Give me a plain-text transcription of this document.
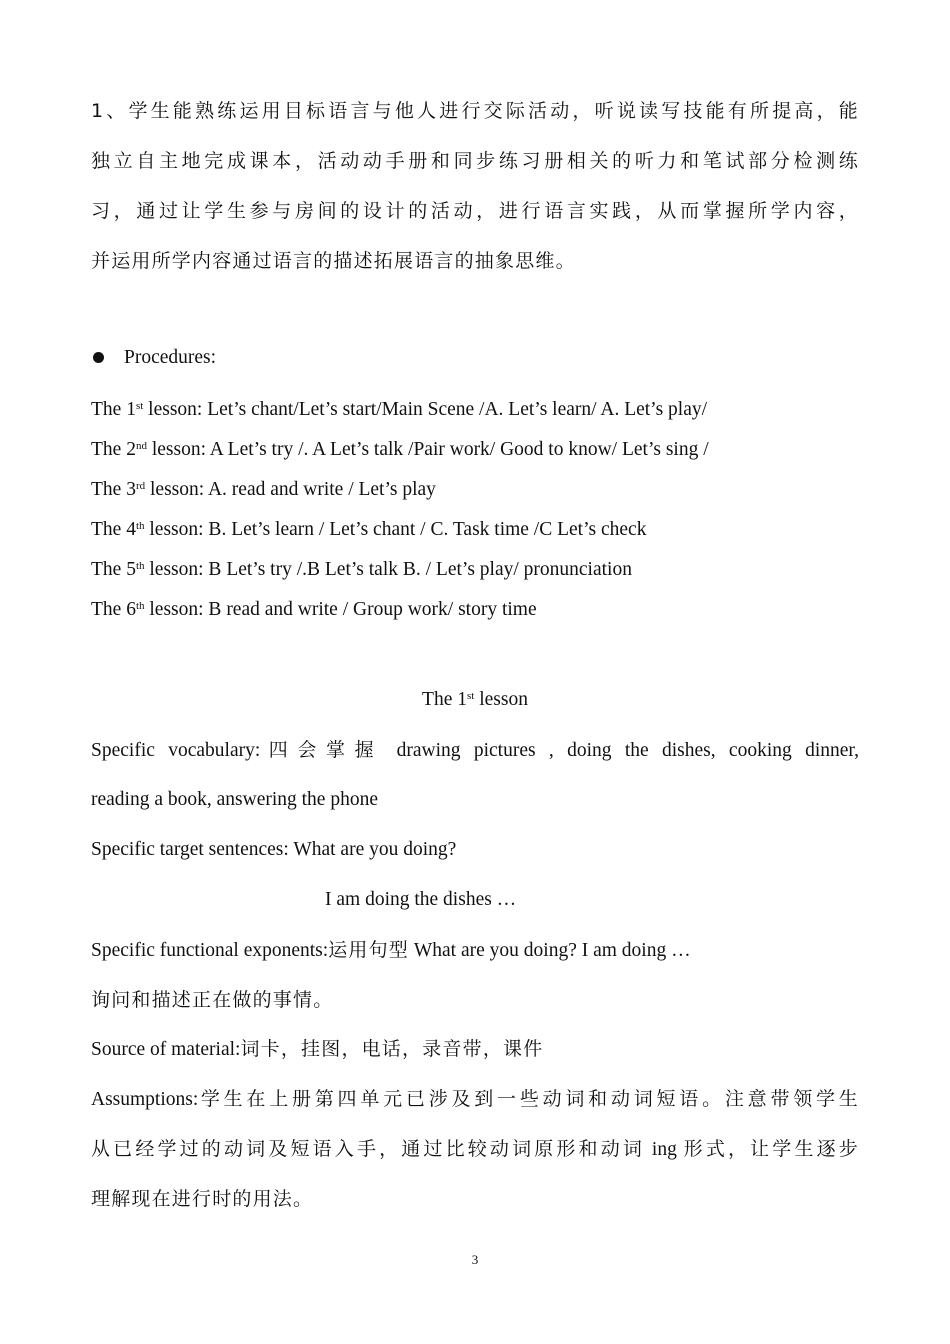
1、学生能熟练运用目标语言与他人进行交际活动，听说读写技能有所提高，能
独立自主地完成课本，活动动手册和同步练习册相关的听力和笔试部分检测练
习，通过让学生参与房间的设计的活动，进行语言实践，从而掌握所学内容，
并运用所学内容通过语言的描述拓展语言的抽象思维。
Procedures:
The 1st lesson: Let’s chant/Let’s start/Main Scene /A. Let’s learn/ A. Let’s play/
The 2nd lesson: A Let’s try /. A Let’s talk /Pair work/ Good to know/ Let’s sing /
The 3rd lesson: A. read and write / Let’s play
The 4th lesson: B. Let’s learn / Let’s chant / C. Task time /C Let’s check
The 5th lesson: B Let’s try /.B Let’s talk B. / Let’s play/ pronunciation
The 6th lesson: B read and write / Group work/ story time
The 1st lesson
Specific vocabulary:四会掌握 drawing pictures , doing the dishes, cooking dinner,
reading a book, answering the phone
Specific target sentences: What are you doing?
I am doing the dishes …
Specific functional exponents:运用句型 What are you doing? I am doing …
询问和描述正在做的事情。
Source of material:词卡，挂图，电话，录音带，课件
Assumptions:学生在上册第四单元已涉及到一些动词和动词短语。注意带领学生
从已经学过的动词及短语入手，通过比较动词原形和动词 ing 形式，让学生逐步
理解现在进行时的用法。
3
